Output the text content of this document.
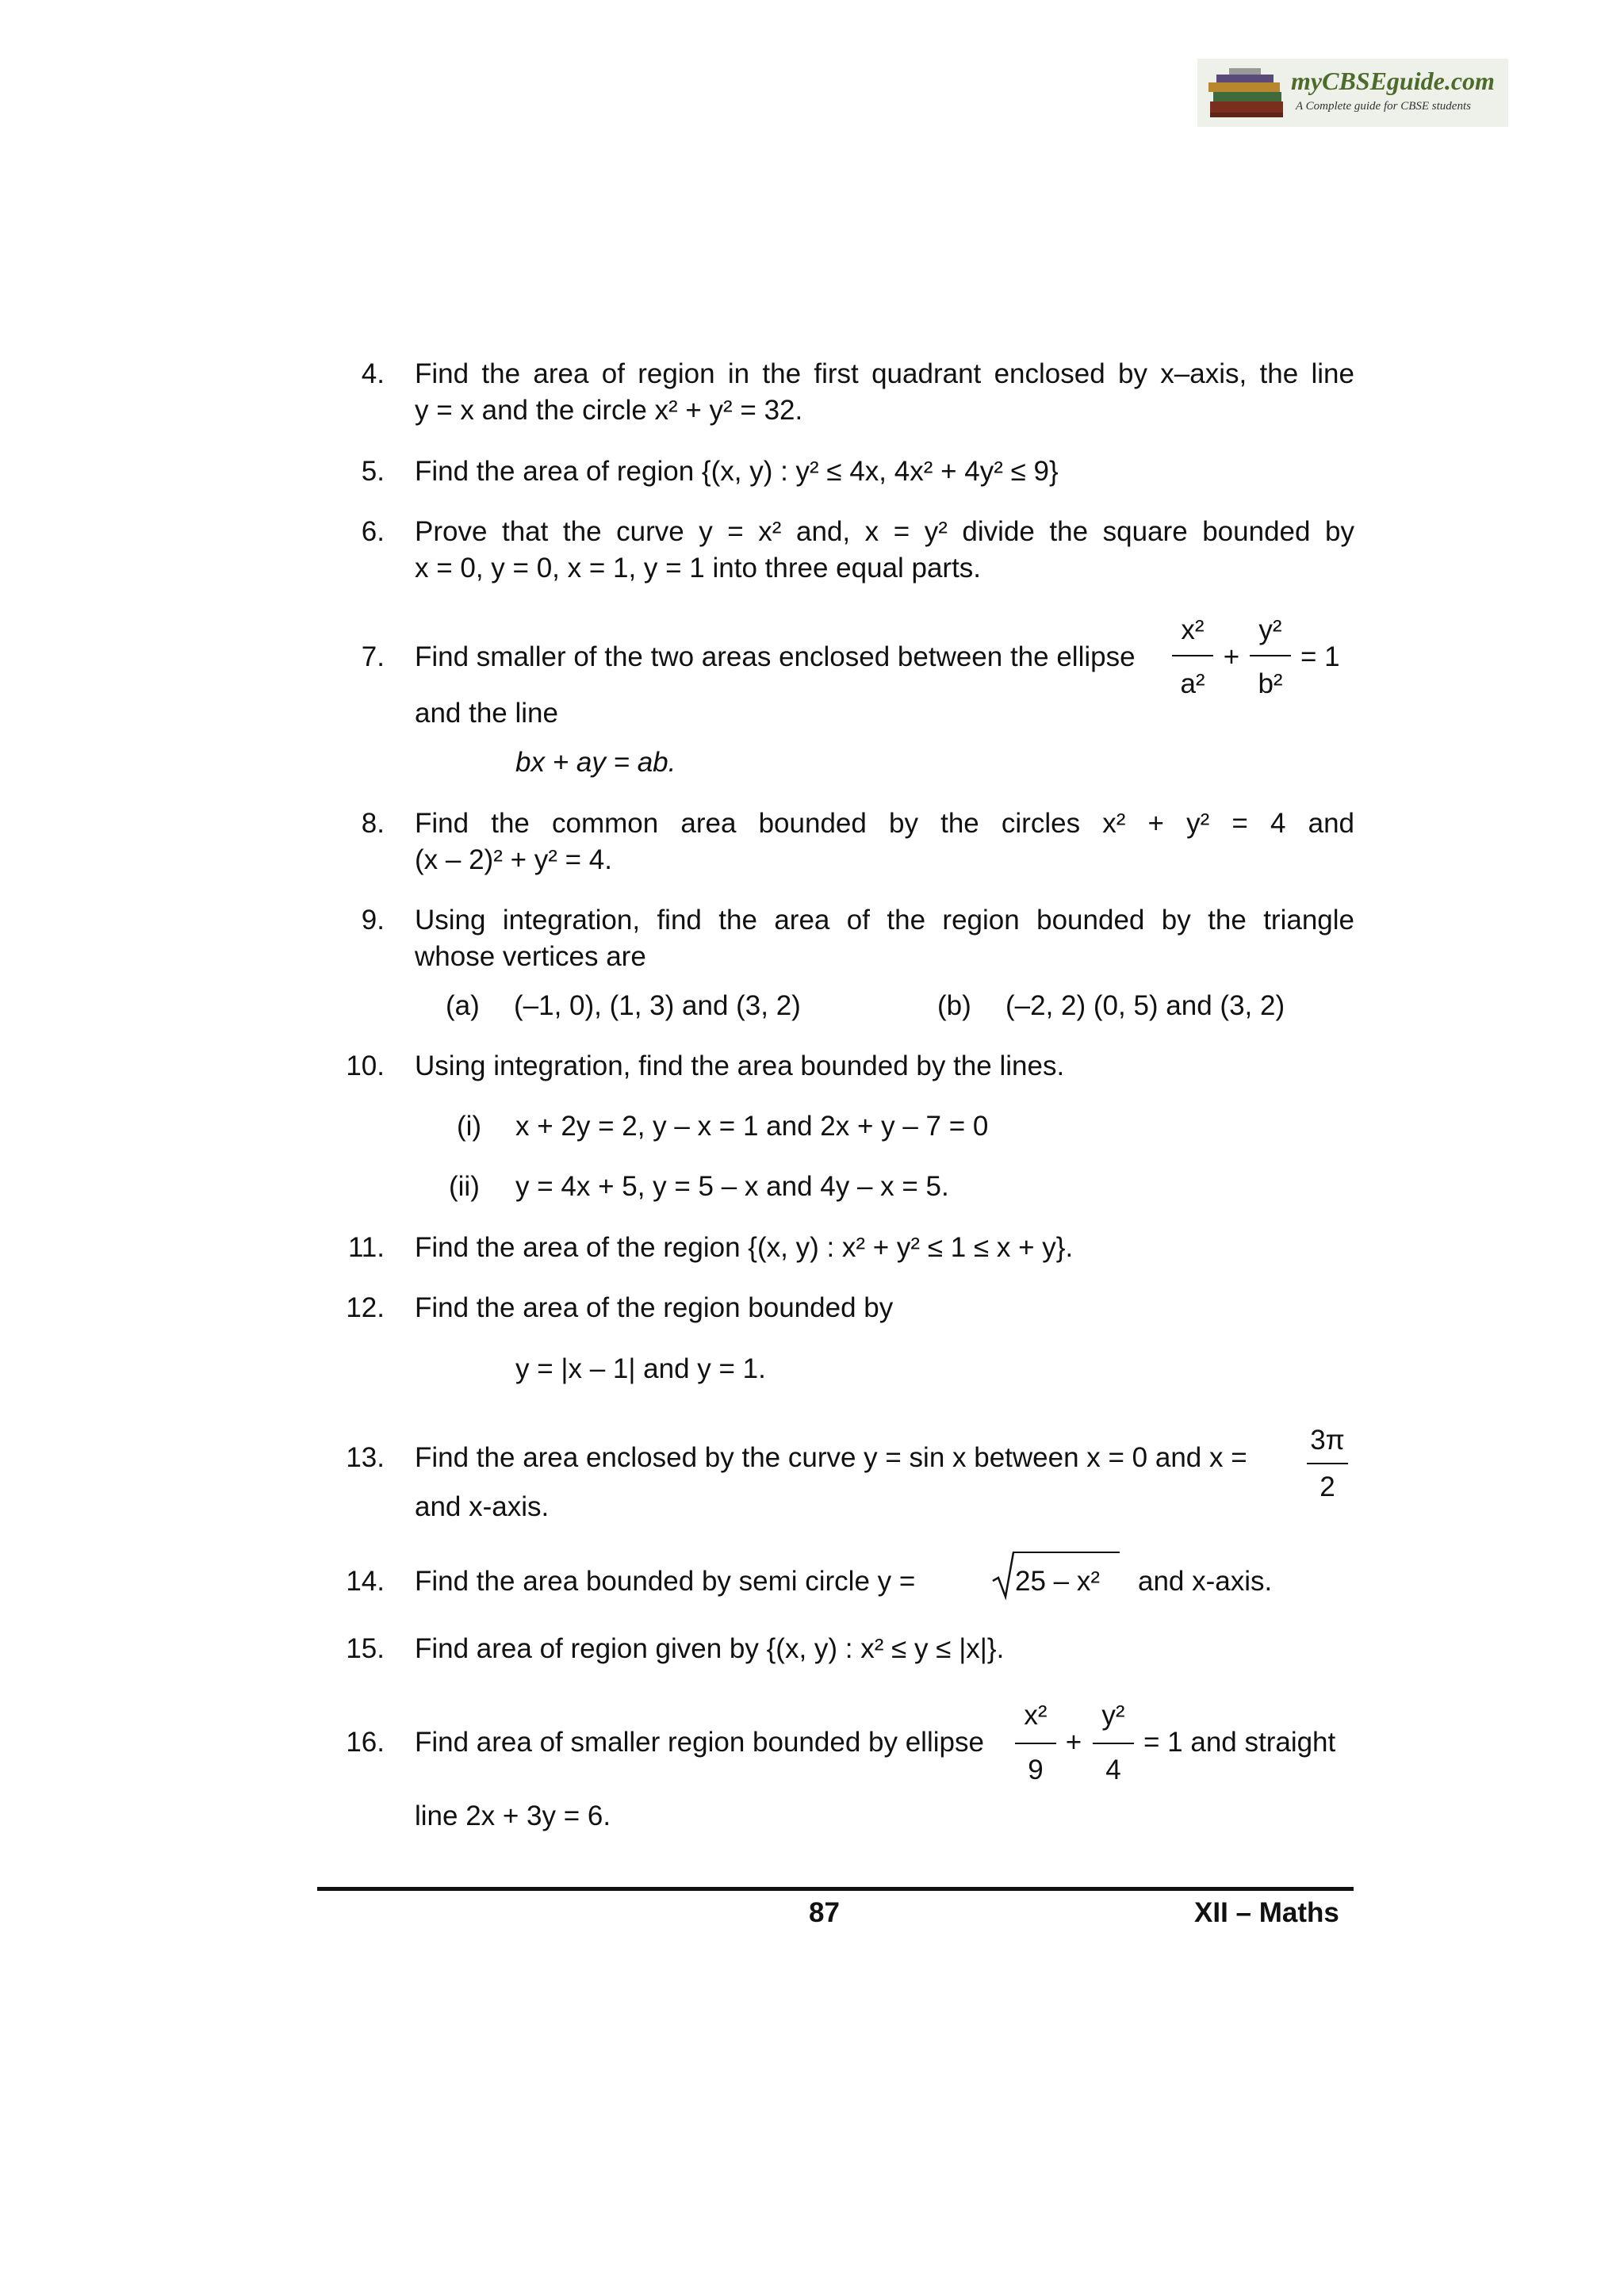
myCBSEguide.com
A Complete guide for CBSE students
4. Find the area of region in the first quadrant enclosed by x–axis, the line
y = x and the circle x² + y² = 32.
5. Find the area of region {(x, y) : y² ≤ 4x, 4x² + 4y² ≤ 9}
6. Prove that the curve y = x² and, x = y² divide the square bounded by
x = 0, y = 0, x = 1, y = 1 into three equal parts.
7. Find smaller of the two areas enclosed between the ellipse
x²
a²
+
y²
b²
= 1
and the line
bx + ay = ab.
8. Find the common area bounded by the circles x² + y² = 4 and
(x – 2)² + y² = 4.
9. Using integration, find the area of the region bounded by the triangle
whose vertices are
(a) (–1, 0), (1, 3) and (3, 2)	(b) (–2, 2) (0, 5) and (3, 2)
10. Using integration, find the area bounded by the lines.
(i) x + 2y = 2, y – x = 1 and 2x + y – 7 = 0
(ii) y = 4x + 5, y = 5 – x and 4y – x = 5.
11. Find the area of the region {(x, y) : x² + y² ≤ 1 ≤ x + y}.
12. Find the area of the region bounded by
y = |x – 1| and y = 1.
13. Find the area enclosed by the curve y = sin x between x = 0 and x =
3π
2
and x-axis.
14. Find the area bounded by semi circle y =	25 – x² and x-axis.
15. Find area of region given by {(x, y) : x² ≤ y ≤ |x|}.
16. Find area of smaller region bounded by ellipse
x²
9
+
y²
4
= 1 and straight
line 2x + 3y = 6.
87	XII – Maths
